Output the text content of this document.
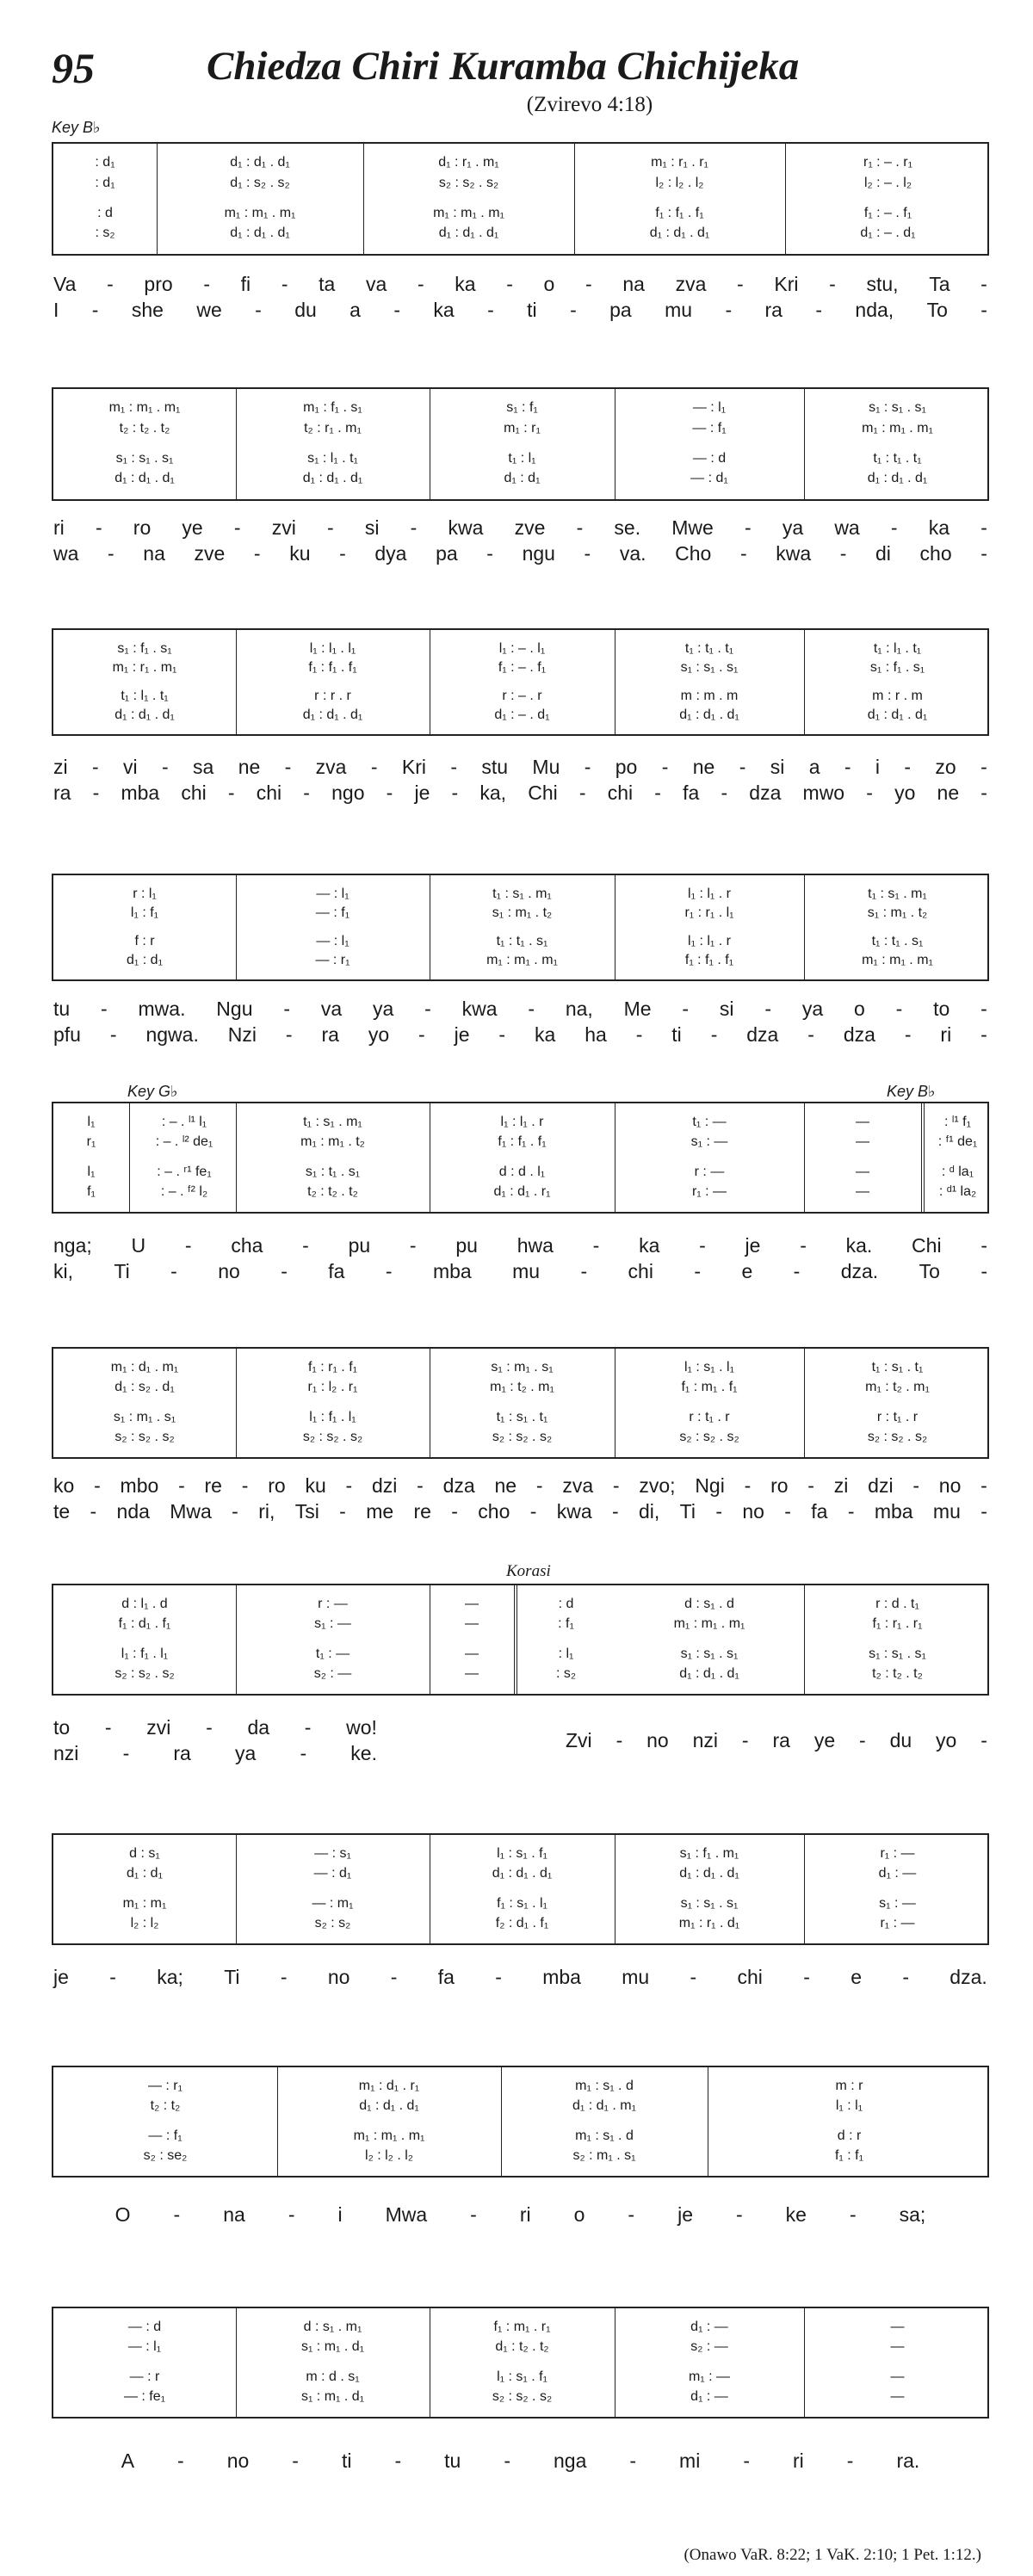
95	Chiedza Chiri Kuramba Chichijeka
(Zvirevo 4:18)
Key B♭
Key G♭	Key B♭
Korasi
: d₁	d₁ : d₁ . d₁	d₁ : r₁ . m₁	m₁ : r₁ . r₁	r₁ : – . r₁
: d₁	d₁ : s₂ . s₂	s₂ : s₂ . s₂	l₂ : l₂ . l₂	l₂ : – . l₂
: d	m₁ : m₁ . m₁	m₁ : m₁ . m₁	f₁ : f₁ . f₁	f₁ : – . f₁
: s₂	d₁ : d₁ . d₁	d₁ : d₁ . d₁	d₁ : d₁ . d₁	d₁ : – . d₁
Va - pro - fi - ta va - ka - o - na zva - Kri - stu, Ta -
I - she we - du a - ka - ti - pa mu - ra - nda, To -
m₁ : m₁ . m₁	m₁ : f₁ . s₁	s₁ : f₁	— : l₁	s₁ : s₁ . s₁
t₂ : t₂ . t₂	t₂ : r₁ . m₁	m₁ : r₁	— : f₁	m₁ : m₁ . m₁
s₁ : s₁ . s₁	s₁ : l₁ . t₁	t₁ : l₁	— : d	t₁ : t₁ . t₁
d₁ : d₁ . d₁	d₁ : d₁ . d₁	d₁ : d₁	— : d₁	d₁ : d₁ . d₁
ri - ro ye - zvi - si - kwa zve - se. Mwe - ya wa - ka -
wa - na zve - ku - dya pa - ngu - va. Cho - kwa - di cho -
s₁ : f₁ . s₁	l₁ : l₁ . l₁	l₁ : – . l₁	t₁ : t₁ . t₁	t₁ : l₁ . t₁
m₁ : r₁ . m₁	f₁ : f₁ . f₁	f₁ : – . f₁	s₁ : s₁ . s₁	s₁ : f₁ . s₁
t₁ : l₁ . t₁	r : r . r	r : – . r	m : m . m	m : r . m
d₁ : d₁ . d₁	d₁ : d₁ . d₁	d₁ : – . d₁	d₁ : d₁ . d₁	d₁ : d₁ . d₁
zi - vi - sa ne - zva - Kri - stu Mu - po - ne - si a - i - zo -
ra - mba chi - chi - ngo - je - ka, Chi - chi - fa - dza mwo - yo ne -
r : l₁	— : l₁	t₁ : s₁ . m₁	l₁ : l₁ . r	t₁ : s₁ . m₁
l₁ : f₁	— : f₁	s₁ : m₁ . t₂	r₁ : r₁ . l₁	s₁ : m₁ . t₂
f : r	— : l₁	t₁ : t₁ . s₁	l₁ : l₁ . r	t₁ : t₁ . s₁
d₁ : d₁	— : r₁	m₁ : m₁ . m₁	f₁ : f₁ . f₁	m₁ : m₁ . m₁
tu - mwa. Ngu - va ya - kwa - na, Me - si - ya o - to -
pfu - ngwa. Nzi - ra yo - je - ka ha - ti - dza - dza - ri -
l₁	: – . ˡ¹ l₁	t₁ : s₁ . m₁	l₁ : l₁ . r	t₁ : —	—	: ˡ¹ f₁
r₁	: – . ˡ² de₁	m₁ : m₁ . t₂	f₁ : f₁ . f₁	s₁ : —	—	: ᶠ¹ de₁
l₁	: – . ʳ¹ fe₁	s₁ : t₁ . s₁	d : d . l₁	r : —	—	: ᵈ la₁
f₁	: – . ᶠ² l₂	t₂ : t₂ . t₂	d₁ : d₁ . r₁	r₁ : —	—	: ᵈ¹ la₂
nga; U - cha - pu - pu hwa - ka - je - ka. Chi -
ki, Ti - no - fa - mba mu - chi - e - dza. To -
m₁ : d₁ . m₁	f₁ : r₁ . f₁	s₁ : m₁ . s₁	l₁ : s₁ . l₁	t₁ : s₁ . t₁
d₁ : s₂ . d₁	r₁ : l₂ . r₁	m₁ : t₂ . m₁	f₁ : m₁ . f₁	m₁ : t₂ . m₁
s₁ : m₁ . s₁	l₁ : f₁ . l₁	t₁ : s₁ . t₁	r : t₁ . r	r : t₁ . r
s₂ : s₂ . s₂	s₂ : s₂ . s₂	s₂ : s₂ . s₂	s₂ : s₂ . s₂	s₂ : s₂ . s₂
ko - mbo - re - ro ku - dzi - dza ne - zva - zvo; Ngi - ro - zi dzi - no -
te - nda Mwa - ri, Tsi - me re - cho - kwa - di, Ti - no - fa - mba mu -
d : l₁ . d	r : —	—	: d	d : s₁ . d	r : d . t₁
f₁ : d₁ . f₁	s₁ : —	—	: f₁	m₁ : m₁ . m₁	f₁ : r₁ . r₁
l₁ : f₁ . l₁	t₁ : —	—	: l₁	s₁ : s₁ . s₁	s₁ : s₁ . s₁
s₂ : s₂ . s₂	s₂ : —	—	: s₂	d₁ : d₁ . d₁	t₂ : t₂ . t₂
to - zvi - da - wo!
nzi - ra ya - ke.
Zvi - no nzi - ra ye - du yo -
d : s₁	— : s₁	l₁ : s₁ . f₁	s₁ : f₁ . m₁	r₁ : —
d₁ : d₁	— : d₁	d₁ : d₁ . d₁	d₁ : d₁ . d₁	d₁ : —
m₁ : m₁	— : m₁	f₁ : s₁ . l₁	s₁ : s₁ . s₁	s₁ : —
l₂ : l₂	s₂ : s₂	f₂ : d₁ . f₁	m₁ : r₁ . d₁	r₁ : —
je - ka; Ti - no - fa - mba mu - chi - e - dza.
— : r₁	m₁ : d₁ . r₁	m₁ : s₁ . d	m : r
t₂ : t₂	d₁ : d₁ . d₁	d₁ : d₁ . m₁	l₁ : l₁
— : f₁	m₁ : m₁ . m₁	m₁ : s₁ . d	d : r
s₂ : se₂	l₂ : l₂ . l₂	s₂ : m₁ . s₁	f₁ : f₁
O - na - i Mwa - ri o - je - ke - sa;
— : d	d : s₁ . m₁	f₁ : m₁ . r₁	d₁ : —	—
— : l₁	s₁ : m₁ . d₁	d₁ : t₂ . t₂	s₂ : —	—
— : r	m : d . s₁	l₁ : s₁ . f₁	m₁ : —	—
— : fe₁	s₁ : m₁ . d₁	s₂ : s₂ . s₂	d₁ : —	—
A - no - ti - tu - nga - mi - ri - ra.
(Onawo VaR. 8:22; 1 VaK. 2:10; 1 Pet. 1:12.)
